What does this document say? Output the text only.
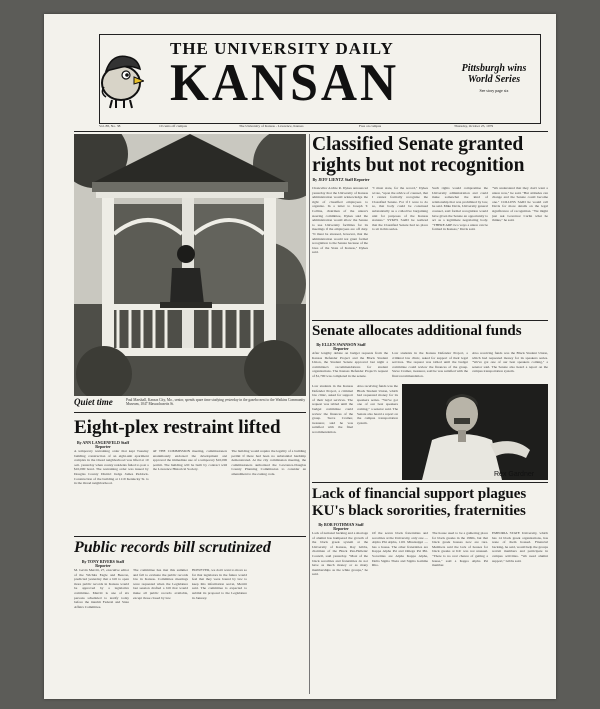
THE UNIVERSITY DAILY
KANSAN	Pittsburgh wins
World Series
See story page six
Vol. 88, No. 38	10 cents off campus	The University of Kansas - Lawrence, Kansas	Free on campus	Thursday, October 25, 1979
Quiet time	Paul Marshall, Kansas City, Mo., senior, spends spare time studying yesterday in the gazebo next to the Watkins Community Museum, 1047 Massachusetts St.
Classified Senate granted
rights but not recognition
By JEFF LIENTZ Staff Reporter
Chancellor Archie R. Dykes announced yesterday that the University of Kansas administration would acknowledge the right of classified employees to organize. In a letter to Joseph T. Collins, chairman of the union's steering committee, Dykes said the administration would allow the Senate to use University facilities for its meetings if the employees are off duty. "It must be stressed, however, that the administration would not grant formal recognition to the Senate because of the laws of the State of Kansas," Dykes said.
"I must state, for the record," Dykes wrote, "upon the advice of counsel, that I cannot formally recognize the Classified Senate. For if I were to do so, that body could be construed substantially as a collective bargaining unit for purposes of the Kansas statutes." SYKES SAID he realized that the Classified Senate had no place to sit in this series.
Such rights would compromise the University administration and could make somewhat the kind of relationship that was prohibited by law, he said. Mike Davis, University general counsel, said formal recognition would have given the Senate an opportunity to act as a legitimate negotiating body. "THERE ARE two ways a union can be formed in Kansas," Davis said.
"We understand that they don't want a union now," he said. "But attitudes can change and the Senate could become one." COLLINS SAID he would call Davis for more details on the legal significance of recognition. "We might just ask Governor Carlin what he thinks," he said.
Senate allocates additional funds
By ELLEN SWANSON Staff Reporter
After lengthy debate on budget requests from the Kansas Defender Project and the Black Student Union, the Student Senate approved last night a committee's recommendations for student organizations. The Kansas Defender Project's request of $1,700 was completed in the senate.
Law students in the Kansas Defender Project, a criminal law clinic, asked for support of their legal services. The request was tabled until the budget committee could review the finances of the group. Steve Cramer, treasurer, said he was satisfied with the final recommendation.
Also receiving funds was the Black Student Union, which had requested money for its speakers series. "We've got one of our best speakers coming," a senator said. The Senate also heard a report on the campus transportation system.
Law students in the Kansas Defender Project, a criminal law clinic, asked for support of their legal services. The request was tabled until the budget committee could review the finances of the group. Steve Cramer, treasurer, said he was satisfied with the final recommendation.
Also receiving funds was the Black Student Union, which had requested money for its speakers series. "We've got one of our best speakers coming," a senator said. The Senate also heard a report on the campus transportation system.
Rex Gardner
Eight-plex restraint lifted
By ANN LANGENFELD Staff Reporter
A temporary restraining order that kept Tuesday building construction of an eight-unit apartment complex in the Oread neighborhood was lifted at 10 a.m. yesterday when county residents failed to post a $10,000 bond. The restraining order was issued by Douglas County District Judge James Paddock. Construction of the building at 1119 Kentucky St. is in the Oread neighborhood.
AT THE COMMISSION meeting, commissioners unanimously endorsed the development and approved the immediate use of a temporary $10,000 permit. The building will be built by contract with the Lawrence Historical Society.
The building would require the legality of a building permit if there had been no substantial hardship demonstrated. At the city commission meeting, the commissioners authorized the Lawrence-Douglas County Planning Commission to consider an amendment to the zoning code.
Public records bill scrutinized
By TONY RIVERS Staff Reporter
M. Gavin Merritt, 27, executive editor of the Wichita Eagle and Beacon, predicted yesterday that a bill to open more public records in Kansas would be approved by a legislative committee. Merritt is one of six persons scheduled to testify today before the interim Federal and State Affairs Committee.
The committee has met this summer and fall to evaluate the public records law in Kansas. Committee meetings were requested when the Legislature last session drafted a bill that would make all public records available, except those closed by law.
HOWEVER, we don't want to move so far that legislators in the future would feel that they were bound by law to keep this information secret, Merritt said. The committee is expected to submit its proposal to the Legislature in January.
Lack of financial support plagues
KU's black sororities, fraternities
By BOB FOTHMAN Staff Reporter
Lack of national backing and a shortage of alumni has hampered the growth of the black greek system at the University of Kansas, Ray Gibbs, chairman of the Black Pan-Hellenic Council, said yesterday. "Most of the black sororities and fraternities do not have as much money or as many memberships as the white groups," he said.
Of the seven black fraternities and sororities at the University, only one — Alpha Phi Alpha, 1101 Mississippi — has a house. The other fraternities are Kappa Alpha Psi and Omega Psi Phi. Sororities are Alpha Kappa Alpha, Delta Sigma Theta and Sigma Gamma Rho.
The house used to be a gathering place for black greeks in the 1960s, but that black greek houses now are rare. Members said the lack of houses for black greeks at KU was not unusual. "There is no real chance of getting a house," said a Kappa Alpha Psi member.
EMPORIA STATE University, which has 14 black greek organizations, has none of them housed. Financial backing, he said, would help the groups recruit members and participate in campus activities. "We need alumni support," Gibbs said.
